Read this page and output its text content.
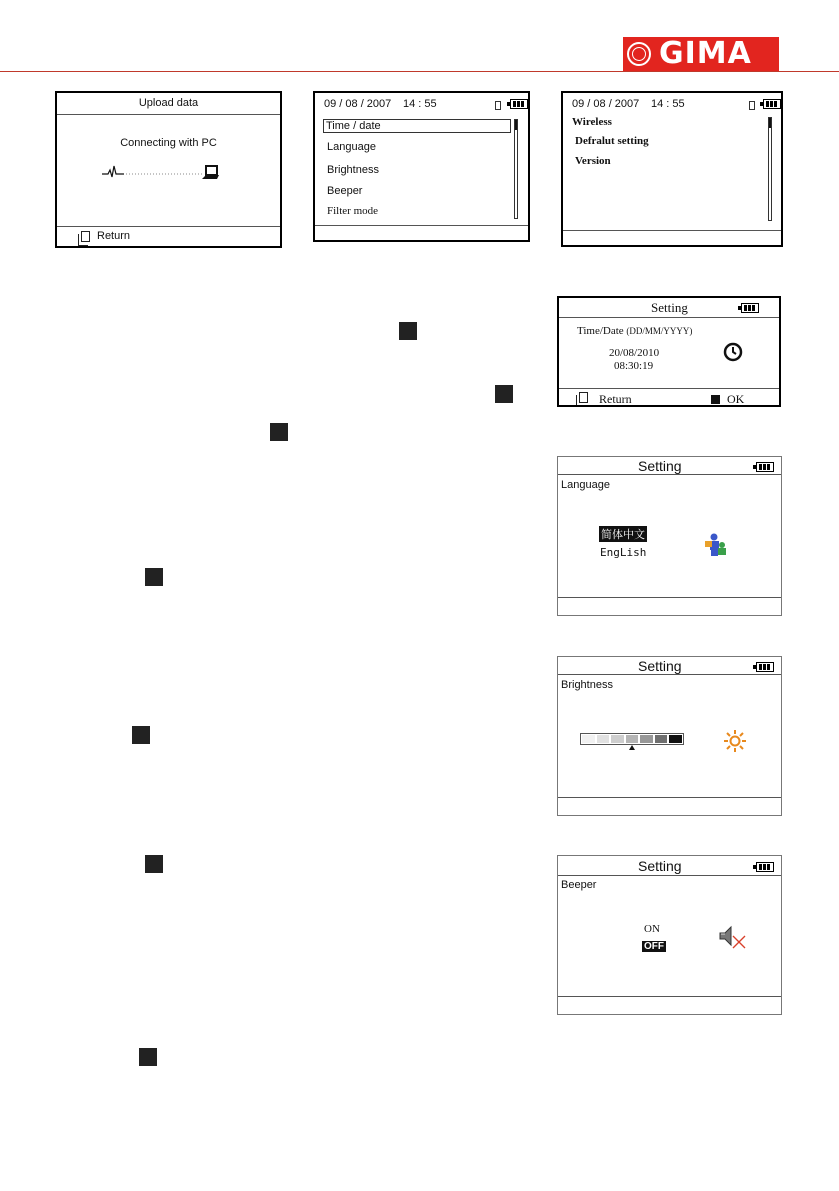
GIMA
Upload data
Connecting with PC
Return
09 / 08 / 2007 14 : 55
Time / date
Language
Brightness
Beeper
Filter mode
09 / 08 / 2007 14 : 55
Wireless
Defralut setting
Version
Setting
Time/Date (DD/MM/YYYY)
20/08/2010
08:30:19
Return	OK
Setting
Language
简体中文
EngLish
Setting
Brightness
Setting
Beeper
ON
OFF
